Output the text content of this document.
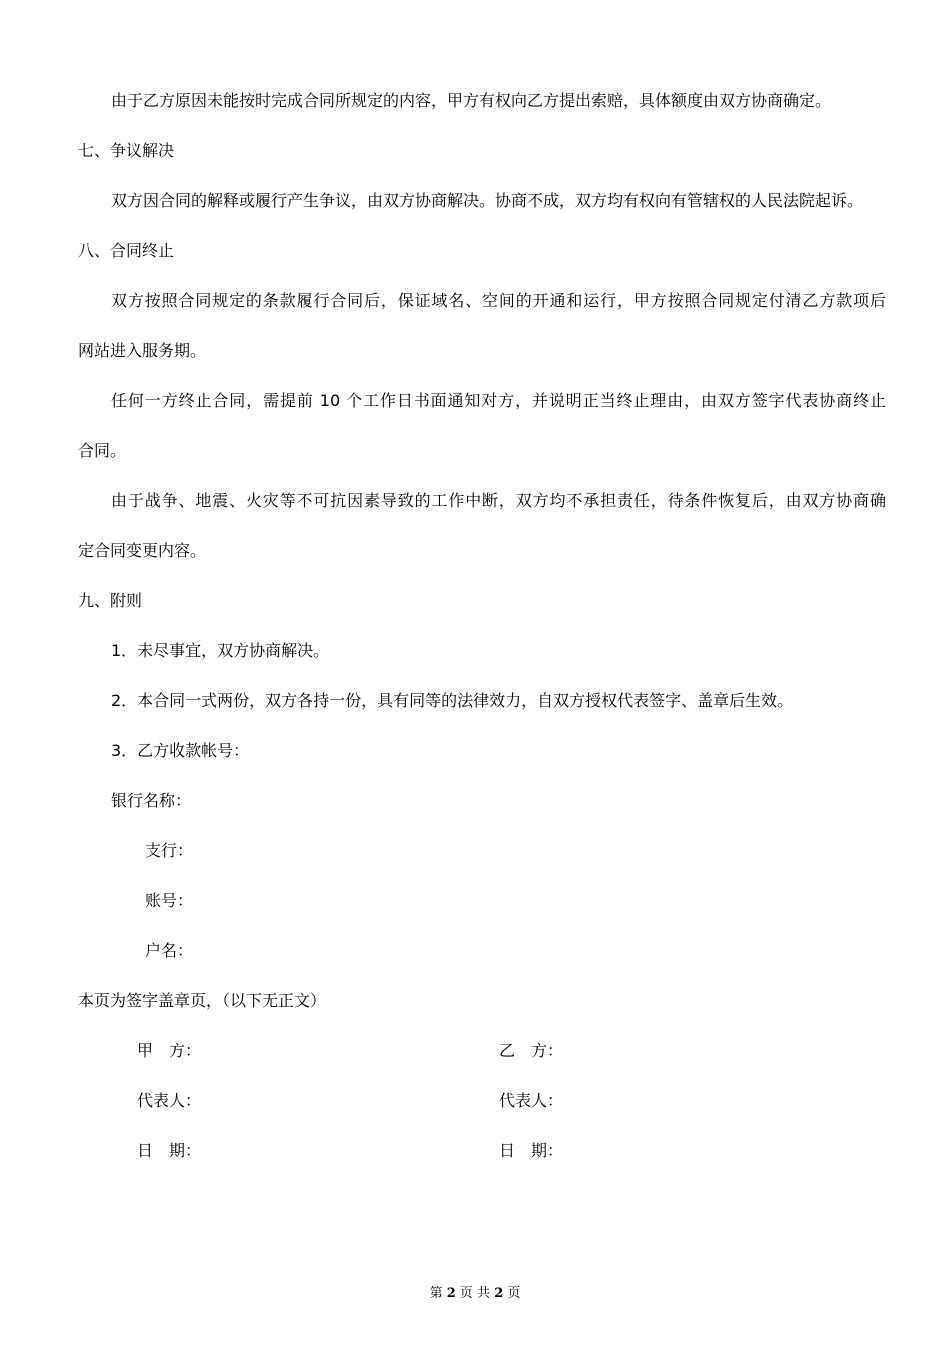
由于乙方原因未能按时完成合同所规定的内容，甲方有权向乙方提出索赔，具体额度由双方协商确定。
七、争议解决
双方因合同的解释或履行产生争议，由双方协商解决。协商不成，双方均有权向有管辖权的人民法院起诉。
八、合同终止
双方按照合同规定的条款履行合同后，保证域名、空间的开通和运行，甲方按照合同规定付清乙方款项后
网站进入服务期。
任何一方终止合同，需提前 10 个工作日书面通知对方，并说明正当终止理由，由双方签字代表协商终止
合同。
由于战争、地震、火灾等不可抗因素导致的工作中断，双方均不承担责任，待条件恢复后，由双方协商确
定合同变更内容。
九、附则
1．未尽事宜，双方协商解决。
2．本合同一式两份，双方各持一份，具有同等的法律效力，自双方授权代表签字、盖章后生效。
3．乙方收款帐号：
银行名称：
支行：
账号：
户名：
本页为签字盖章页，（以下无正文）
甲　方：	乙　方：
代表人：	代表人：
日　期：	日　期：
第 2 页 共 2 页
